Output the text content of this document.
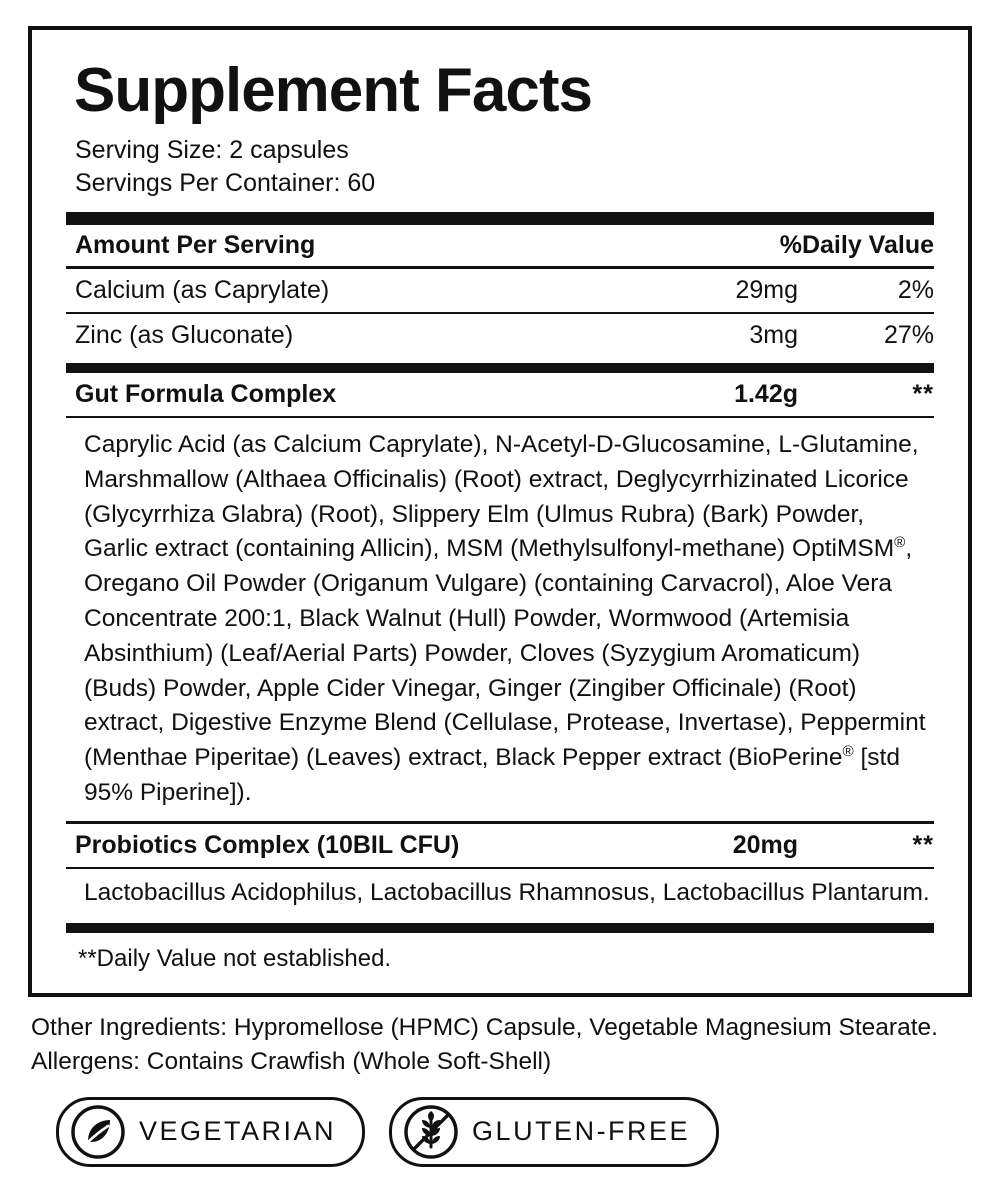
Supplement Facts
Serving Size: 2 capsules
Servings Per Container: 60
Amount Per Serving	%Daily Value
Calcium (as Caprylate)	29mg	2%
Zinc (as Gluconate)	3mg	27%
Gut Formula Complex	1.42g	**
Caprylic Acid (as Calcium Caprylate), N-Acetyl-D-Glucosamine, L-Glutamine, Marshmallow (Althaea Officinalis) (Root) extract, Deglycyrrhizinated Licorice (Glycyrrhiza Glabra) (Root), Slippery Elm (Ulmus Rubra) (Bark) Powder, Garlic extract (containing Allicin), MSM (Methylsulfonyl-methane) OptiMSM®, Oregano Oil Powder (Origanum Vulgare) (containing Carvacrol), Aloe Vera Concentrate 200:1, Black Walnut (Hull) Powder, Wormwood (Artemisia Absinthium) (Leaf/Aerial Parts) Powder, Cloves (Syzygium Aromaticum) (Buds) Powder, Apple Cider Vinegar, Ginger (Zingiber Officinale) (Root) extract, Digestive Enzyme Blend (Cellulase, Protease, Invertase), Peppermint (Menthae Piperitae) (Leaves) extract, Black Pepper extract (BioPerine® [std 95% Piperine]).
Probiotics Complex (10BIL CFU)	20mg	**
Lactobacillus Acidophilus, Lactobacillus Rhamnosus, Lactobacillus Plantarum.
**Daily Value not established.
Other Ingredients: Hypromellose (HPMC) Capsule, Vegetable Magnesium Stearate.
Allergens: Contains Crawfish (Whole Soft-Shell)
VEGETARIAN	GLUTEN-FREE
